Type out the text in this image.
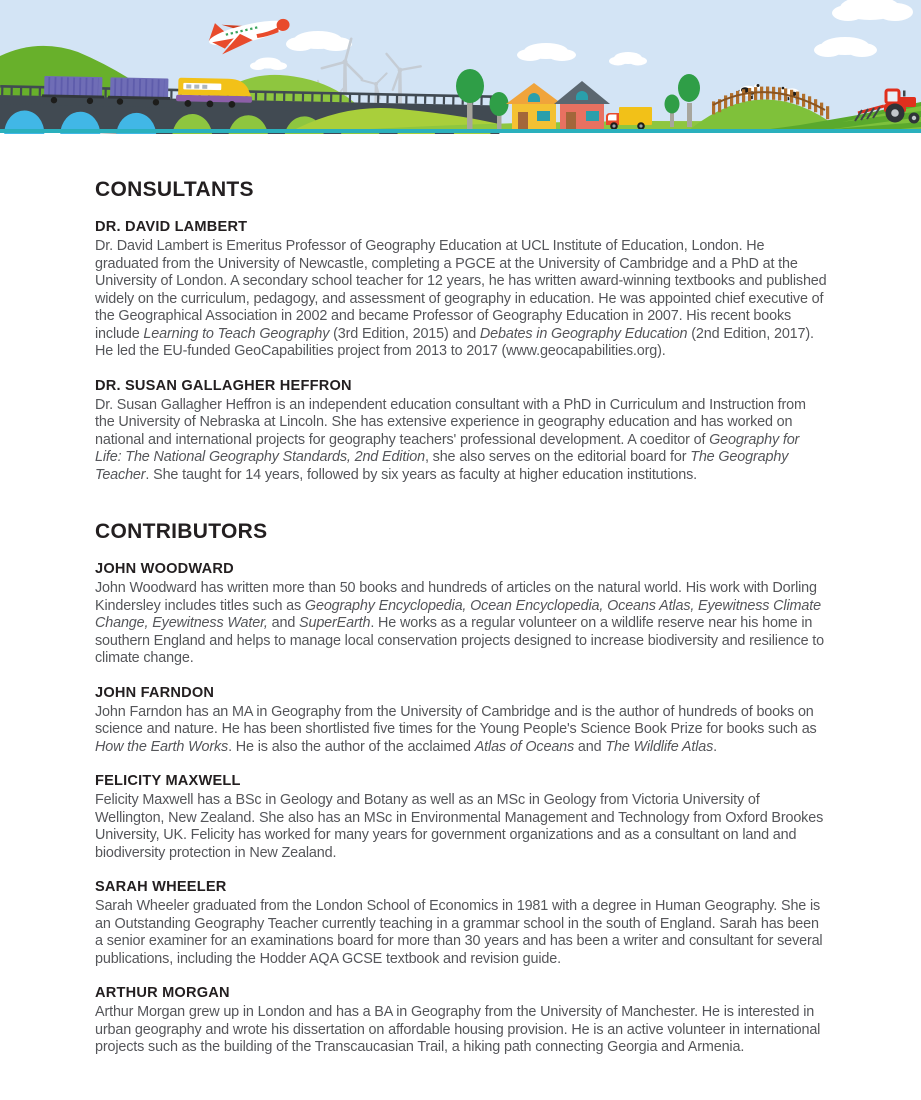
CONSULTANTS
DR. DAVID LAMBERT

Dr. David Lambert is Emeritus Professor of Geography Education at UCL Institute of Education, London. He graduated from the University of Newcastle, completing a PGCE at the University of Cambridge and a PhD at the University of London. A secondary school teacher for 12 years, he has written award-winning textbooks and published widely on the curriculum, pedagogy, and assessment of geography in education. He was appointed chief executive of the Geographical Association in 2002 and became Professor of Geography Education in 2007. His recent books include Learning to Teach Geography (3rd Edition, 2015) and Debates in Geography Education (2nd Edition, 2017). He led the EU-funded GeoCapabilities project from 2013 to 2017 (www.geocapabilities.org).

DR. SUSAN GALLAGHER HEFFRON

Dr. Susan Gallagher Heffron is an independent education consultant with a PhD in Curriculum and Instruction from the University of Nebraska at Lincoln. She has extensive experience in geography education and has worked on national and international projects for geography teachers' professional development. A coeditor of Geography for Life: The National Geography Standards, 2nd Edition, she also serves on the editorial board for The Geography Teacher. She taught for 14 years, followed by six years as faculty at higher education institutions.

CONTRIBUTORS
JOHN WOODWARD

John Woodward has written more than 50 books and hundreds of articles on the natural world. His work with Dorling Kindersley includes titles such as Geography Encyclopedia, Ocean Encyclopedia, Oceans Atlas, Eyewitness Climate Change, Eyewitness Water, and SuperEarth. He works as a regular volunteer on a wildlife reserve near his home in southern England and helps to manage local conservation projects designed to increase biodiversity and resilience to climate change.

JOHN FARNDON

John Farndon has an MA in Geography from the University of Cambridge and is the author of hundreds of books on science and nature. He has been shortlisted five times for the Young People's Science Book Prize for books such as How the Earth Works. He is also the author of the acclaimed Atlas of Oceans and The Wildlife Atlas.

FELICITY MAXWELL

Felicity Maxwell has a BSc in Geology and Botany as well as an MSc in Geology from Victoria University of Wellington, New Zealand. She also has an MSc in Environmental Management and Technology from Oxford Brookes University, UK. Felicity has worked for many years for government organizations and as a consultant on land and biodiversity protection in New Zealand.

SARAH WHEELER

Sarah Wheeler graduated from the London School of Economics in 1981 with a degree in Human Geography. She is an Outstanding Geography Teacher currently teaching in a grammar school in the south of England. Sarah has been a senior examiner for an examinations board for more than 30 years and has been a writer and consultant for several publications, including the Hodder AQA GCSE textbook and revision guide.

ARTHUR MORGAN

Arthur Morgan grew up in London and has a BA in Geography from the University of Manchester. He is interested in urban geography and wrote his dissertation on affordable housing provision. He is an active volunteer in international projects such as the building of the Transcaucasian Trail, a hiking path connecting Georgia and Armenia.
